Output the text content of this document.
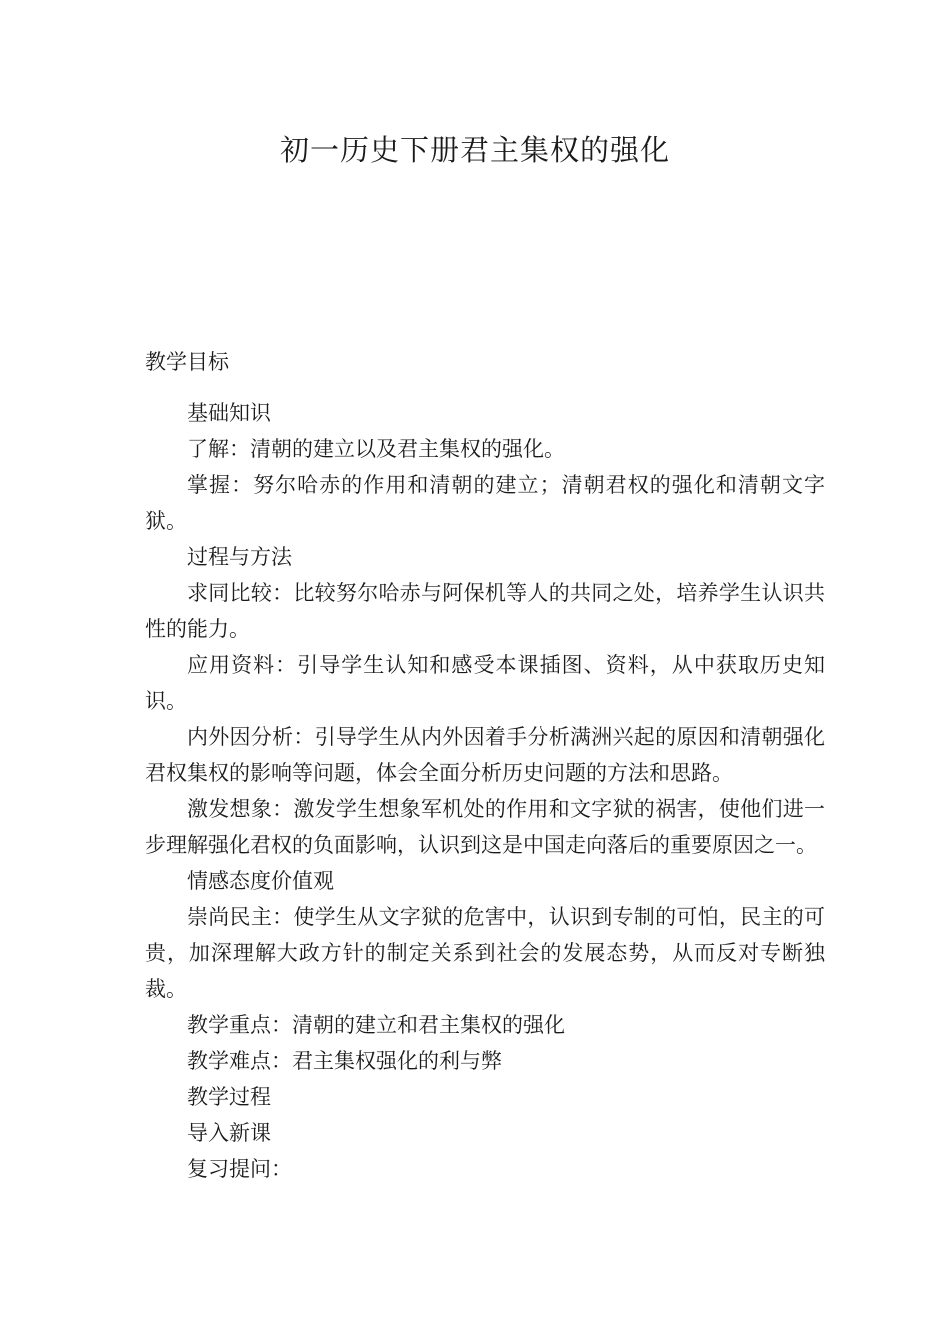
初一历史下册君主集权的强化
教学目标

基础知识

了解：清朝的建立以及君主集权的强化。

掌握：努尔哈赤的作用和清朝的建立；清朝君权的强化和清朝文字狱。

过程与方法

求同比较：比较努尔哈赤与阿保机等人的共同之处，培养学生认识共性的能力。

应用资料：引导学生认知和感受本课插图、资料，从中获取历史知识。

内外因分析：引导学生从内外因着手分析满洲兴起的原因和清朝强化君权集权的影响等问题，体会全面分析历史问题的方法和思路。

激发想象：激发学生想象军机处的作用和文字狱的祸害，使他们进一步理解强化君权的负面影响，认识到这是中国走向落后的重要原因之一。

情感态度价值观

崇尚民主：使学生从文字狱的危害中，认识到专制的可怕，民主的可贵，加深理解大政方针的制定关系到社会的发展态势，从而反对专断独裁。

教学重点：清朝的建立和君主集权的强化

教学难点：君主集权强化的利与弊

教学过程

导入新课

复习提问：
